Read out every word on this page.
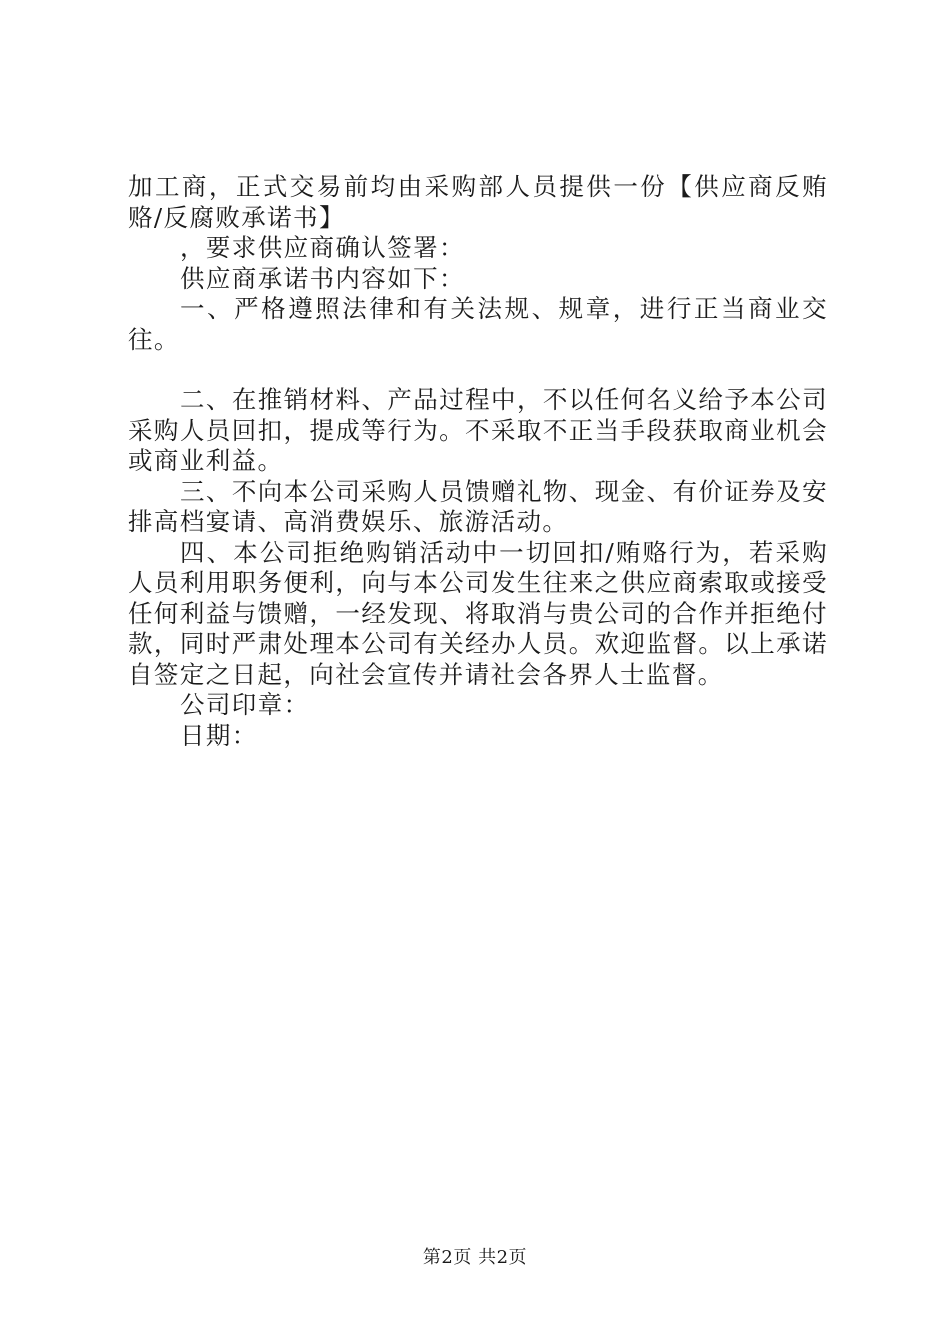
加工商，正式交易前均由采购部人员提供一份【供应商反贿赂/反腐败承诺书】

，要求供应商确认签署：

供应商承诺书内容如下：

一、严格遵照法律和有关法规、规章，进行正当商业交往。

二、在推销材料、产品过程中，不以任何名义给予本公司采购人员回扣，提成等行为。不采取不正当手段获取商业机会或商业利益。

三、不向本公司采购人员馈赠礼物、现金、有价证券及安排高档宴请、高消费娱乐、旅游活动。

四、本公司拒绝购销活动中一切回扣/贿赂行为，若采购人员利用职务便利，向与本公司发生往来之供应商索取或接受任何利益与馈赠，一经发现、将取消与贵公司的合作并拒绝付款，同时严肃处理本公司有关经办人员。欢迎监督。以上承诺自签定之日起，向社会宣传并请社会各界人士监督。

公司印章：

日期：

第2页 共2页
